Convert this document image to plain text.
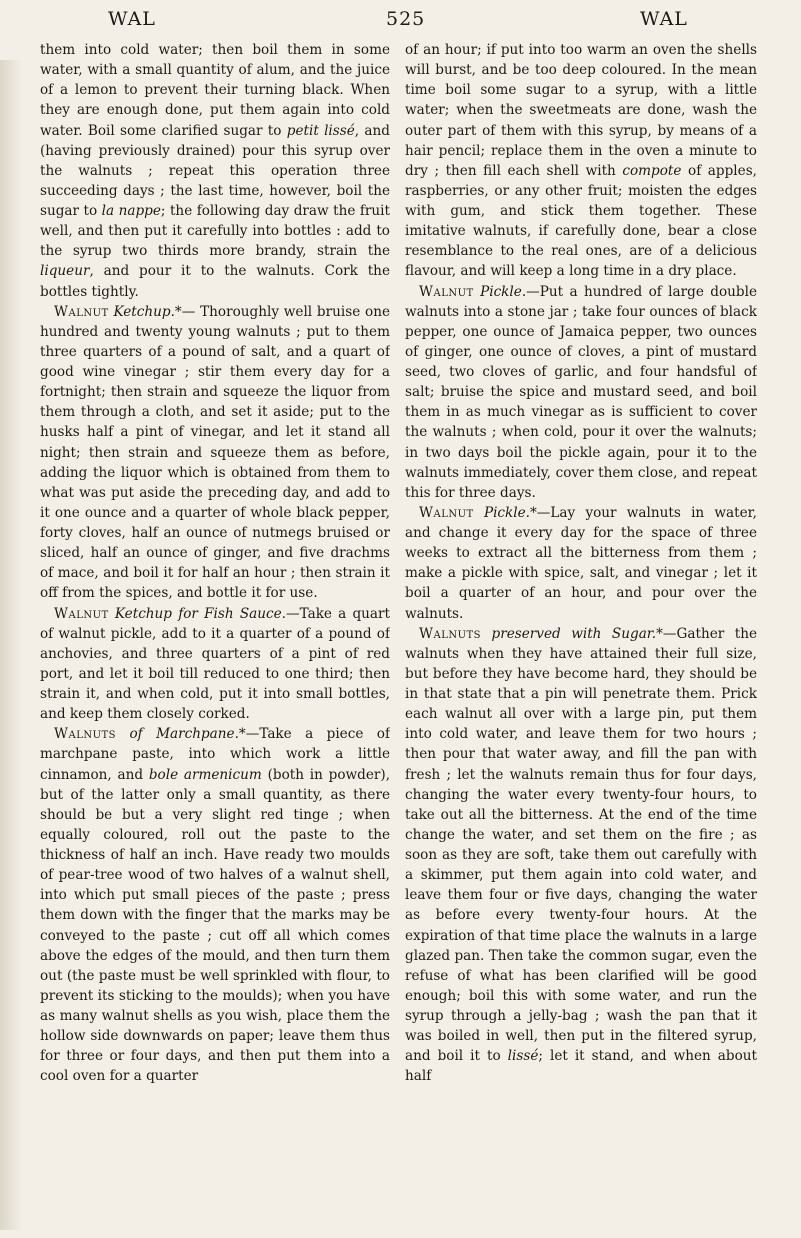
WAL	525	WAL

them into cold water; then boil them in some water, with a small quantity of alum, and the juice of a lemon to prevent their turning black. When they are enough done, put them again into cold water. Boil some clarified sugar to petit lissé, and (having previously drained) pour this syrup over the walnuts ; repeat this operation three succeeding days ; the last time, however, boil the sugar to la nappe; the following day draw the fruit well, and then put it carefully into bottles : add to the syrup two thirds more brandy, strain the liqueur, and pour it to the walnuts. Cork the bottles tightly.

Walnut Ketchup.*— Thoroughly well bruise one hundred and twenty young walnuts ; put to them three quarters of a pound of salt, and a quart of good wine vinegar ; stir them every day for a fortnight; then strain and squeeze the liquor from them through a cloth, and set it aside; put to the husks half a pint of vinegar, and let it stand all night; then strain and squeeze them as before, adding the liquor which is obtained from them to what was put aside the preceding day, and add to it one ounce and a quarter of whole black pepper, forty cloves, half an ounce of nutmegs bruised or sliced, half an ounce of ginger, and five drachms of mace, and boil it for half an hour ; then strain it off from the spices, and bottle it for use.

Walnut Ketchup for Fish Sauce.—Take a quart of walnut pickle, add to it a quarter of a pound of anchovies, and three quarters of a pint of red port, and let it boil till reduced to one third; then strain it, and when cold, put it into small bottles, and keep them closely corked.

Walnuts of Marchpane.*—Take a piece of marchpane paste, into which work a little cinnamon, and bole armenicum (both in powder), but of the latter only a small quantity, as there should be but a very slight red tinge ; when equally coloured, roll out the paste to the thickness of half an inch. Have ready two moulds of pear-tree wood of two halves of a walnut shell, into which put small pieces of the paste ; press them down with the finger that the marks may be conveyed to the paste ; cut off all which comes above the edges of the mould, and then turn them out (the paste must be well sprinkled with flour, to prevent its sticking to the moulds); when you have as many walnut shells as you wish, place them the hollow side downwards on paper; leave them thus for three or four days, and then put them into a cool oven for a quarter

of an hour; if put into too warm an oven the shells will burst, and be too deep coloured. In the mean time boil some sugar to a syrup, with a little water; when the sweetmeats are done, wash the outer part of them with this syrup, by means of a hair pencil; replace them in the oven a minute to dry ; then fill each shell with compote of apples, raspberries, or any other fruit; moisten the edges with gum, and stick them together. These imitative walnuts, if carefully done, bear a close resemblance to the real ones, are of a delicious flavour, and will keep a long time in a dry place.

Walnut Pickle.—Put a hundred of large double walnuts into a stone jar ; take four ounces of black pepper, one ounce of Jamaica pepper, two ounces of ginger, one ounce of cloves, a pint of mustard seed, two cloves of garlic, and four handsful of salt; bruise the spice and mustard seed, and boil them in as much vinegar as is sufficient to cover the walnuts ; when cold, pour it over the walnuts; in two days boil the pickle again, pour it to the walnuts immediately, cover them close, and repeat this for three days.

Walnut Pickle.*—Lay your walnuts in water, and change it every day for the space of three weeks to extract all the bitterness from them ; make a pickle with spice, salt, and vinegar ; let it boil a quarter of an hour, and pour over the walnuts.

Walnuts preserved with Sugar.*—Gather the walnuts when they have attained their full size, but before they have become hard, they should be in that state that a pin will penetrate them. Prick each walnut all over with a large pin, put them into cold water, and leave them for two hours ; then pour that water away, and fill the pan with fresh ; let the walnuts remain thus for four days, changing the water every twenty-four hours, to take out all the bitterness. At the end of the time change the water, and set them on the fire ; as soon as they are soft, take them out carefully with a skimmer, put them again into cold water, and leave them four or five days, changing the water as before every twenty-four hours. At the expiration of that time place the walnuts in a large glazed pan. Then take the common sugar, even the refuse of what has been clarified will be good enough; boil this with some water, and run the syrup through a jelly-bag ; wash the pan that it was boiled in well, then put in the filtered syrup, and boil it to lissé; let it stand, and when about half
